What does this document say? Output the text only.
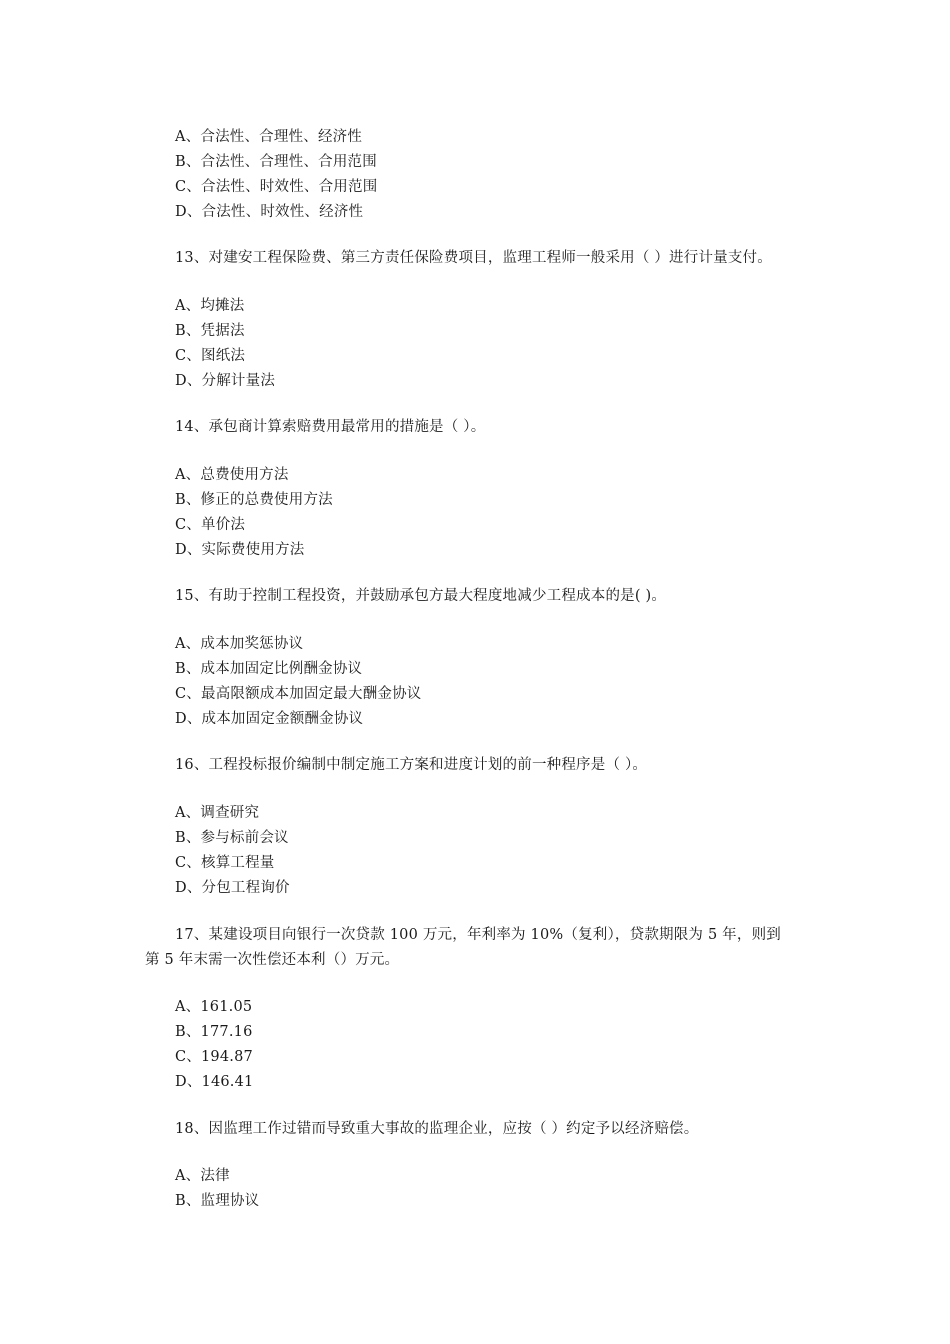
A、合法性、合理性、经济性
B、合法性、合理性、合用范围
C、合法性、时效性、合用范围
D、合法性、时效性、经济性
13、对建安工程保险费、第三方责任保险费项目，监理工程师一般采用（ ）进行计量支付。
A、均摊法
B、凭据法
C、图纸法
D、分解计量法
14、承包商计算索赔费用最常用的措施是（ ）。
A、总费使用方法
B、修正的总费使用方法
C、单价法
D、实际费使用方法
15、有助于控制工程投资，并鼓励承包方最大程度地减少工程成本的是( )。
A、成本加奖惩协议
B、成本加固定比例酬金协议
C、最高限额成本加固定最大酬金协议
D、成本加固定金额酬金协议
16、工程投标报价编制中制定施工方案和进度计划的前一种程序是（ ）。
A、调查研究
B、参与标前会议
C、核算工程量
D、分包工程询价
17、某建设项目向银行一次贷款 100 万元，年利率为 10%（复利），贷款期限为 5 年，则到
第 5 年末需一次性偿还本利（）万元。
A、161.05
B、177.16
C、194.87
D、146.41
18、因监理工作过错而导致重大事故的监理企业，应按（ ）约定予以经济赔偿。
A、法律
B、监理协议
